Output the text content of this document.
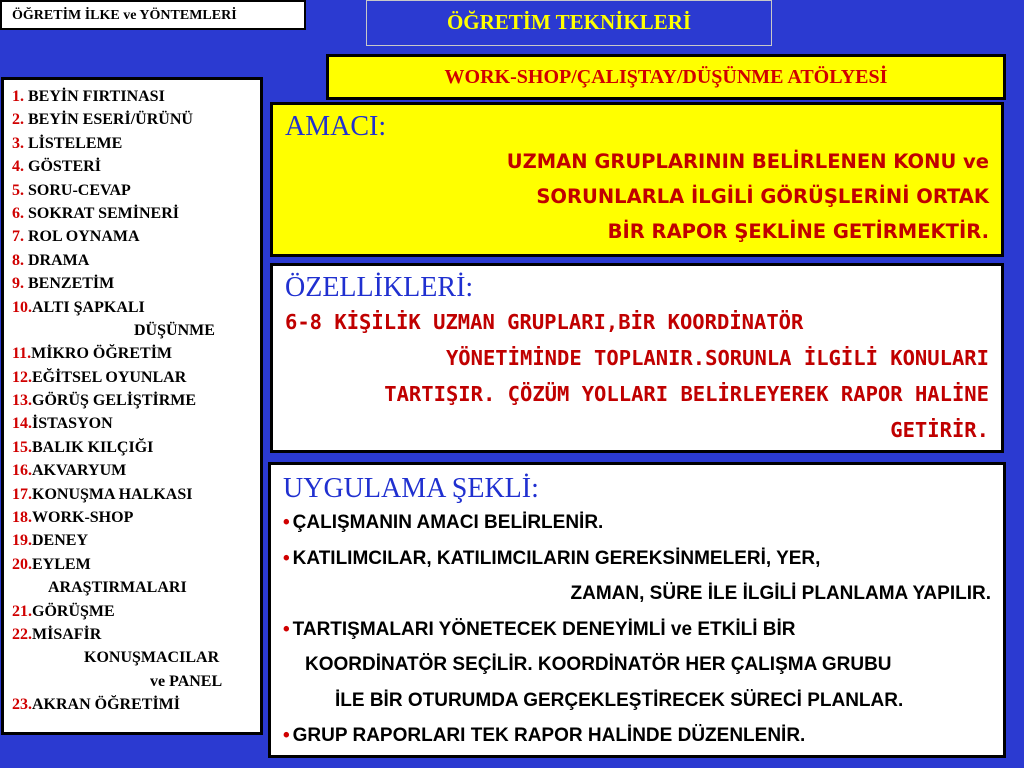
ÖĞRETİM İLKE ve YÖNTEMLERİ	ÖĞRETİM TEKNİKLERİ
WORK-SHOP/ÇALIŞTAY/DÜŞÜNME ATÖLYESİ
1. BEYİN FIRTINASI
2. BEYİN ESERİ/ÜRÜNÜ
3. LİSTELEME
4. GÖSTERİ
5. SORU-CEVAP
6. SOKRAT SEMİNERİ
7. ROL OYNAMA
8. DRAMA
9. BENZETİM
10.ALTI ŞAPKALI
DÜŞÜNME
11.MİKRO ÖĞRETİM
12.EĞİTSEL OYUNLAR
13.GÖRÜŞ GELİŞTİRME
14.İSTASYON
15.BALIK KILÇIĞI
16.AKVARYUM
17.KONUŞMA HALKASI
18.WORK-SHOP
19.DENEY
20.EYLEM
ARAŞTIRMALARI
21.GÖRÜŞME
22.MİSAFİR
KONUŞMACILAR
ve PANEL
23.AKRAN ÖĞRETİMİ
AMACI:
UZMAN GRUPLARININ BELİRLENEN KONU ve
SORUNLARLA İLGİLİ GÖRÜŞLERİNİ ORTAK
BİR RAPOR ŞEKLİNE GETİRMEKTİR.
ÖZELLİKLERİ:
6-8 KİŞİLİK UZMAN GRUPLARI,BİR KOORDİNATÖR
YÖNETİMİNDE TOPLANIR.SORUNLA İLGİLİ KONULARI
TARTIŞIR. ÇÖZÜM YOLLARI BELİRLEYEREK RAPOR HALİNE
GETİRİR.
UYGULAMA ŞEKLİ:
• ÇALIŞMANIN AMACI BELİRLENİR.
• KATILIMCILAR, KATILIMCILARIN GEREKSİNMELERİ, YER,
ZAMAN, SÜRE İLE İLGİLİ PLANLAMA YAPILIR.
• TARTIŞMALARI YÖNETECEK DENEYİMLİ ve ETKİLİ BİR
KOORDİNATÖR SEÇİLİR. KOORDİNATÖR HER ÇALIŞMA GRUBU
İLE BİR OTURUMDA GERÇEKLEŞTİRECEK SÜRECİ PLANLAR.
• GRUP RAPORLARI TEK RAPOR HALİNDE DÜZENLENİR.
